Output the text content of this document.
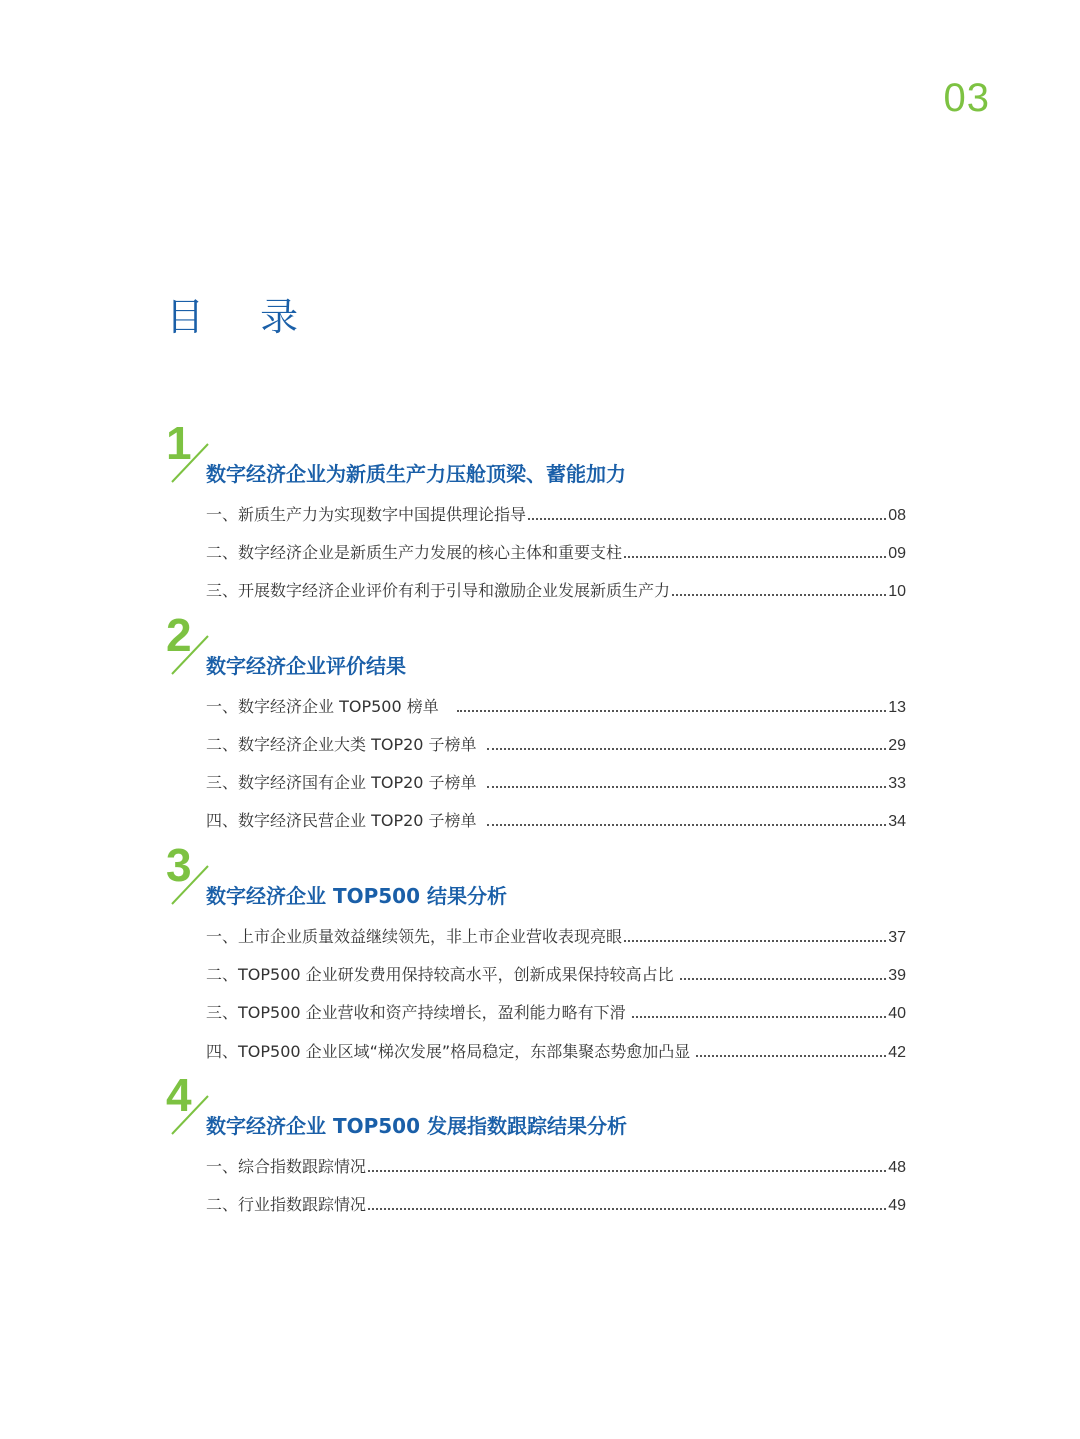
03
目 录
1
数字经济企业为新质生产力压舱顶梁、蓄能加力
一、新质生产力为实现数字中国提供理论指导	08
二、数字经济企业是新质生产力发展的核心主体和重要支柱	09
三、开展数字经济企业评价有利于引导和激励企业发展新质生产力	10
2
数字经济企业评价结果
一、数字经济企业 TOP500 榜单	13
二、数字经济企业大类 TOP20 子榜单	29
三、数字经济国有企业 TOP20 子榜单	33
四、数字经济民营企业 TOP20 子榜单	34
3
数字经济企业 TOP500 结果分析
一、上市企业质量效益继续领先，非上市企业营收表现亮眼	37
二、TOP500 企业研发费用保持较高水平，创新成果保持较高占比	39
三、TOP500 企业营收和资产持续增长，盈利能力略有下滑	40
四、TOP500 企业区域“梯次发展”格局稳定，东部集聚态势愈加凸显	42
4
数字经济企业 TOP500 发展指数跟踪结果分析
一、综合指数跟踪情况	48
二、行业指数跟踪情况	49
